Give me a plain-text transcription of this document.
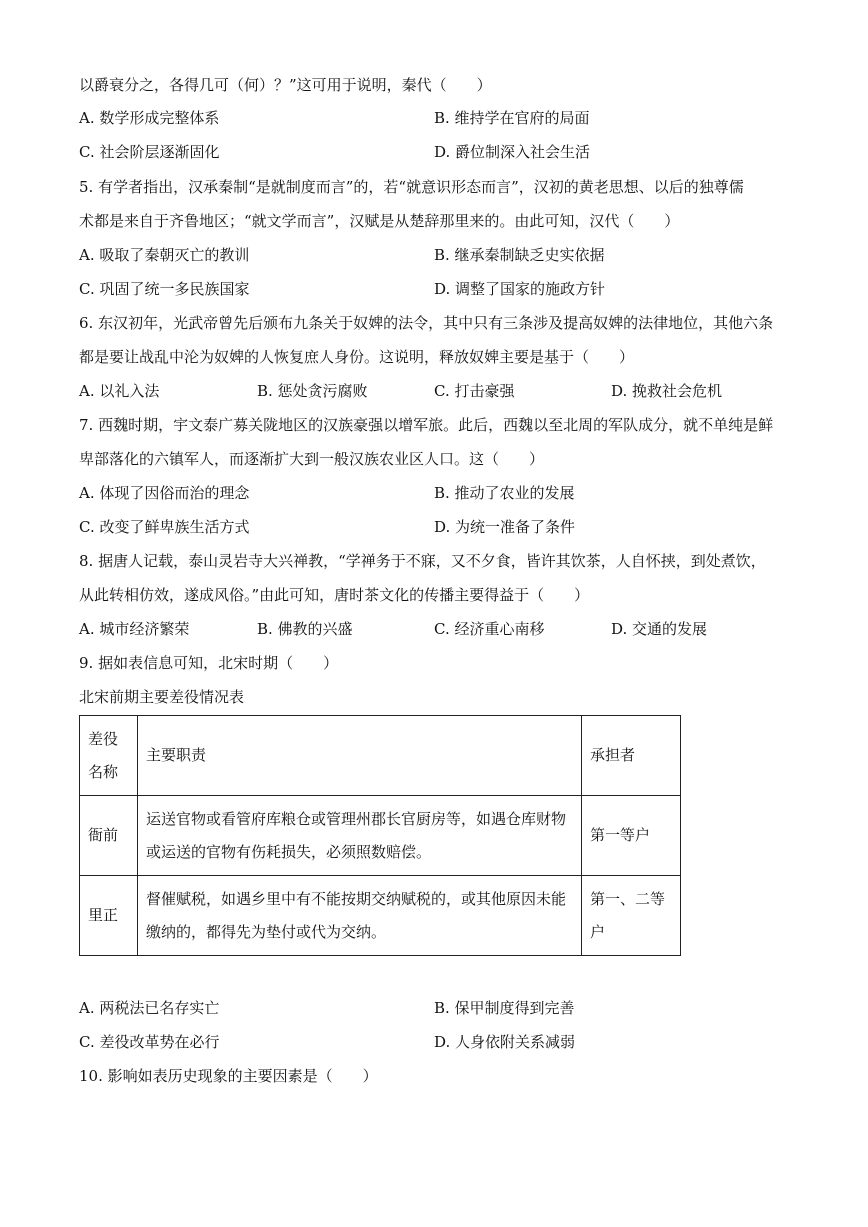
以爵衰分之，各得几可（何）？”这可用于说明，秦代（　　）
A. 数学形成完整体系	B. 维持学在官府的局面
C. 社会阶层逐渐固化	D. 爵位制深入社会生活
5. 有学者指出，汉承秦制“是就制度而言”的，若“就意识形态而言”，汉初的黄老思想、以后的独尊儒
术都是来自于齐鲁地区；“就文学而言”，汉赋是从楚辞那里来的。由此可知，汉代（　　）
A. 吸取了秦朝灭亡的教训	B. 继承秦制缺乏史实依据
C. 巩固了统一多民族国家	D. 调整了国家的施政方针
6. 东汉初年，光武帝曾先后颁布九条关于奴婢的法令，其中只有三条涉及提高奴婢的法律地位，其他六条
都是要让战乱中沦为奴婢的人恢复庶人身份。这说明，释放奴婢主要是基于（　　）
A. 以礼入法	B. 惩处贪污腐败	C. 打击豪强	D. 挽救社会危机
7. 西魏时期，宇文泰广募关陇地区的汉族豪强以增军旅。此后，西魏以至北周的军队成分，就不单纯是鲜
卑部落化的六镇军人，而逐渐扩大到一般汉族农业区人口。这（　　）
A. 体现了因俗而治的理念	B. 推动了农业的发展
C. 改变了鲜卑族生活方式	D. 为统一准备了条件
8. 据唐人记载，泰山灵岩寺大兴禅教，“学禅务于不寐，又不夕食，皆许其饮茶，人自怀挟，到处煮饮，
从此转相仿效，遂成风俗。”由此可知，唐时茶文化的传播主要得益于（　　）
A. 城市经济繁荣	B. 佛教的兴盛	C. 经济重心南移	D. 交通的发展
9. 据如表信息可知，北宋时期（　　）
北宋前期主要差役情况表
差役名称	主要职责	承担者
衙前	运送官物或看管府库粮仓或管理州郡长官厨房等，如遇仓库财物或运送的官物有伤耗损失，必须照数赔偿。	第一等户
里正	督催赋税，如遇乡里中有不能按期交纳赋税的，或其他原因未能缴纳的，都得先为垫付或代为交纳。	第一、二等户
A. 两税法已名存实亡	B. 保甲制度得到完善
C. 差役改革势在必行	D. 人身依附关系减弱
10. 影响如表历史现象的主要因素是（　　）
